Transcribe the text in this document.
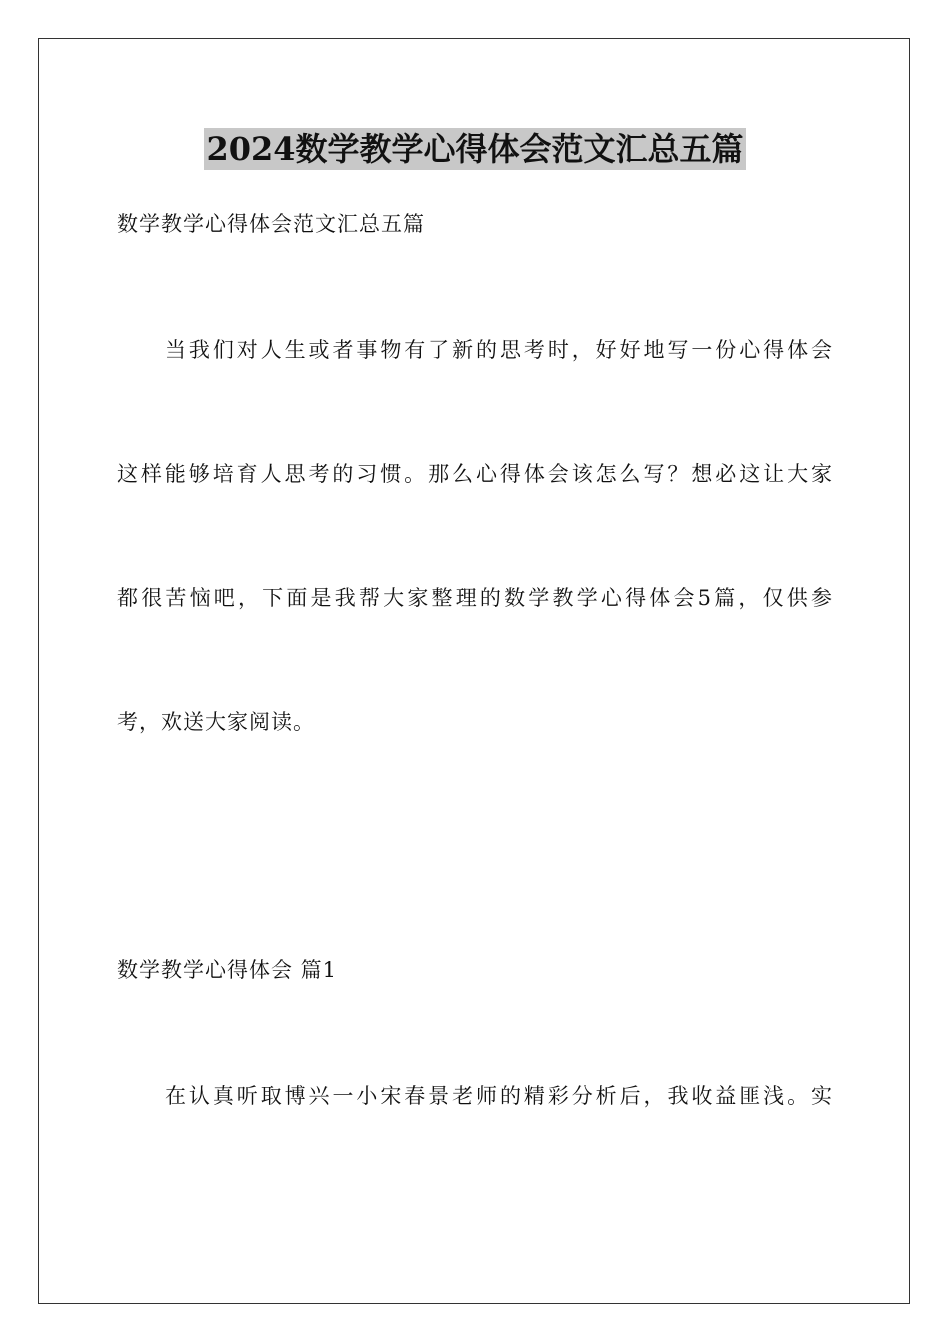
2024数学教学心得体会范文汇总五篇
数学教学心得体会范文汇总五篇
当我们对人生或者事物有了新的思考时，好好地写一份心得体会
这样能够培育人思考的习惯。那么心得体会该怎么写？想必这让大家
都很苦恼吧，下面是我帮大家整理的数学教学心得体会5篇，仅供参
考，欢送大家阅读。
数学教学心得体会 篇1
在认真听取博兴一小宋春景老师的精彩分析后，我收益匪浅。实
